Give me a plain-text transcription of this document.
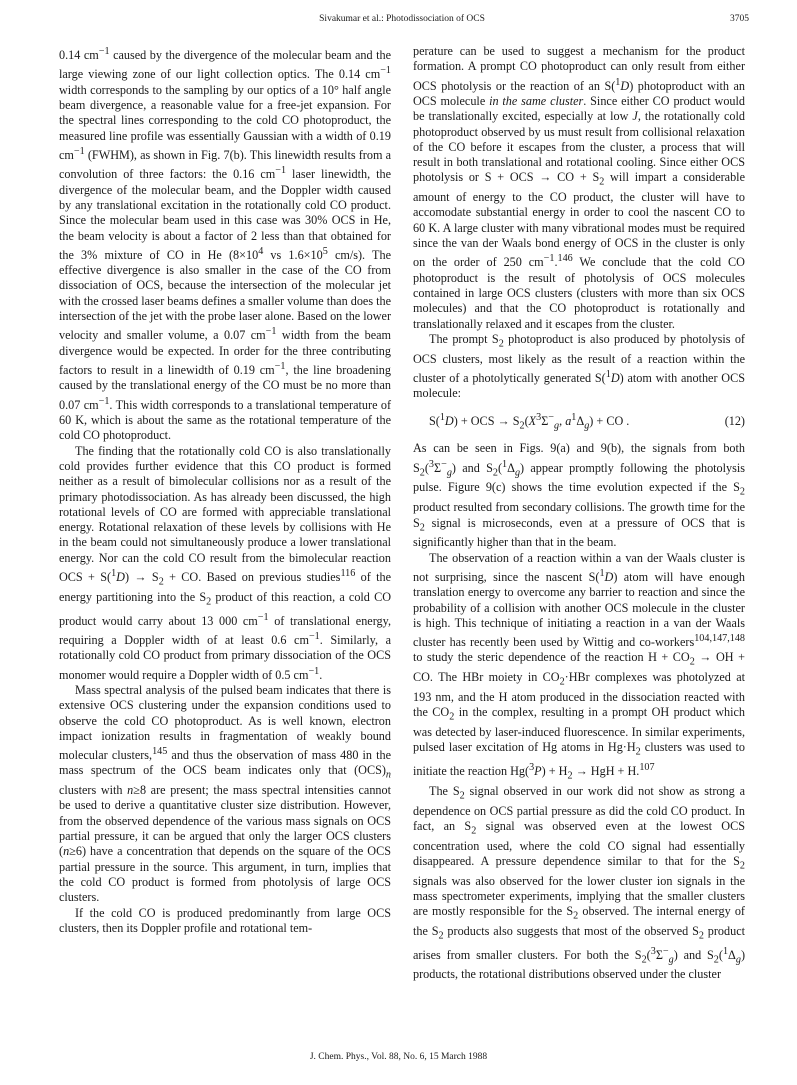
Sivakumar et al.: Photodissociation of OCS	3705

0.14 $cm^{-1}$ caused by the divergence of the molecular beam and the large viewing zone of our light collection optics. The 0.14 $cm^{-1}$ width corresponds to the sampling by our optics of a 10° half angle beam divergence, a reasonable value for a free-jet expansion. For the spectral lines corresponding to the cold CO photoproduct, the measured line profile was essentially Gaussian with a width of 0.19 $cm^{-1}$ (FWHM), as shown in Fig. 7(b). This linewidth results from a convolution of three factors: the 0.16 $cm^{-1}$ laser linewidth, the divergence of the molecular beam, and the Doppler width caused by any translational excitation in the rotationally cold CO product. Since the molecular beam used in this case was 30% OCS in He, the beam velocity is about a factor of 2 less than that obtained for the 3% mixture of CO in He ($8\times 10^4$ vs $1.6\times 10^5$ cm/s). The effective divergence is also smaller in the case of the CO from dissociation of OCS, because the intersection of the molecular jet with the crossed laser beams defines a smaller volume than does the intersection of the jet with the probe laser alone. Based on the lower velocity and smaller volume, a 0.07 $cm^{-1}$ width from the beam divergence would be expected. In order for the three contributing factors to result in a linewidth of 0.19 $cm^{-1}$, the line broadening caused by the translational energy of the CO must be no more than 0.07 $cm^{-1}$. This width corresponds to a translational temperature of 60 K, which is about the same as the rotational temperature of the cold CO photoproduct.

The finding that the rotationally cold CO is also translationally cold provides further evidence that this CO product is formed neither as a result of bimolecular collisions nor as a result of the primary photodissociation. As has already been discussed, the high rotational levels of CO are formed with appreciable translational energy. Rotational relaxation of these levels by collisions with He in the beam could not simultaneously produce a lower translational energy. Nor can the cold CO result from the bimolecular reaction OCS + $S(^1D) \to S_2$ + CO. Based on previous studies$^{116}$ of the energy partitioning into the $S_2$ product of this reaction, a cold CO product would carry about 13 000 $cm^{-1}$ of translational energy, requiring a Doppler width of at least 0.6 $cm^{-1}$. Similarly, a rotationally cold CO product from primary dissociation of the OCS monomer would require a Doppler width of 0.5 $cm^{-1}$.

Mass spectral analysis of the pulsed beam indicates that there is extensive OCS clustering under the expansion conditions used to observe the cold CO photoproduct. As is well known, electron impact ionization results in fragmentation of weakly bound molecular clusters,$^{145}$ and thus the observation of mass 480 in the mass spectrum of the OCS beam indicates only that $(OCS)_n$ clusters with n≥8 are present; the mass spectral intensities cannot be used to derive a quantitative cluster size distribution. However, from the observed dependence of the various mass signals on OCS partial pressure, it can be argued that only the larger OCS clusters (n≥6) have a concentration that depends on the square of the OCS partial pressure in the source. This argument, in turn, implies that the cold CO product is formed from photolysis of large OCS clusters.

If the cold CO is produced predominantly from large OCS clusters, then its Doppler profile and rotational tem-

perature can be used to suggest a mechanism for the product formation. A prompt CO photoproduct can only result from either OCS photolysis or the reaction of an S($^1$D) photoproduct with an OCS molecule in the same cluster. Since either CO product would be translationally excited, especially at low J, the rotationally cold photoproduct observed by us must result from collisional relaxation of the CO before it escapes from the cluster, a process that will result in both translational and rotational cooling. Since either OCS photolysis or S + OCS → CO + $S_2$ will impart a considerable amount of energy to the CO product, the cluster will have to accomodate substantial energy in order to cool the nascent CO to 60 K. A large cluster with many vibrational modes must be required since the van der Waals bond energy of OCS in the cluster is only on the order of 250 $cm^{-1}.^{146}$ We conclude that the cold CO photoproduct is the result of photolysis of OCS molecules contained in large OCS clusters (clusters with more than six OCS molecules) and that the CO photoproduct is rotationally and translationally relaxed and it escapes from the cluster.

The prompt $S_2$ photoproduct is also produced by photolysis of OCS clusters, most likely as the result of a reaction within the cluster of a photolytically generated S($^1$D) atom with another OCS molecule:

S($^1$D) + OCS → $S_2(X^3\Sigma^-_g$, $a^1\Delta_g$) + CO .	(12)

As can be seen in Figs. 9(a) and 9(b), the signals from both $S_2(^3\Sigma^-_g)$ and $S_2(^1\Delta_g)$ appear promptly following the photolysis pulse. Figure 9(c) shows the time evolution expected if the $S_2$ product resulted from secondary collisions. The growth time for the $S_2$ signal is microseconds, even at a pressure of OCS that is significantly higher than that in the beam.

The observation of a reaction within a van der Waals cluster is not surprising, since the nascent S($^1$D) atom will have enough translation energy to overcome any barrier to reaction and since the probability of a collision with another OCS molecule in the cluster is high. This technique of initiating a reaction in a van der Waals cluster has recently been used by Wittig and co-workers$^{104,147,148}$ to study the steric dependence of the reaction $H + CO_2$ → OH + CO. The HBr moiety in $CO_2\cdot HBr$ complexes was photolyzed at 193 nm, and the H atom produced in the dissociation reacted with the $CO_2$ in the complex, resulting in a prompt OH product which was detected by laser-induced fluorescence. In similar experiments, pulsed laser excitation of Hg atoms in $Hg\cdot H_2$ clusters was used to initiate the reaction $Hg(^3P) + H_2$ → HgH + H.$^{107}$

The $S_2$ signal observed in our work did not show as strong a dependence on OCS partial pressure as did the cold CO product. In fact, an $S_2$ signal was observed even at the lowest OCS concentration used, where the cold CO signal had essentially disappeared. A pressure dependence similar to that for the $S_2$ signals was also observed for the lower cluster ion signals in the mass spectrometer experiments, implying that the smaller clusters are mostly responsible for the $S_2$ observed. The internal energy of the $S_2$ products also suggests that most of the observed $S_2$ product arises from smaller clusters. For both the $S_2(^3\Sigma^-_g)$ and $S_2(^1\Delta_g)$ products, the rotational distributions observed under the cluster

J. Chem. Phys., Vol. 88, No. 6, 15 March 1988
